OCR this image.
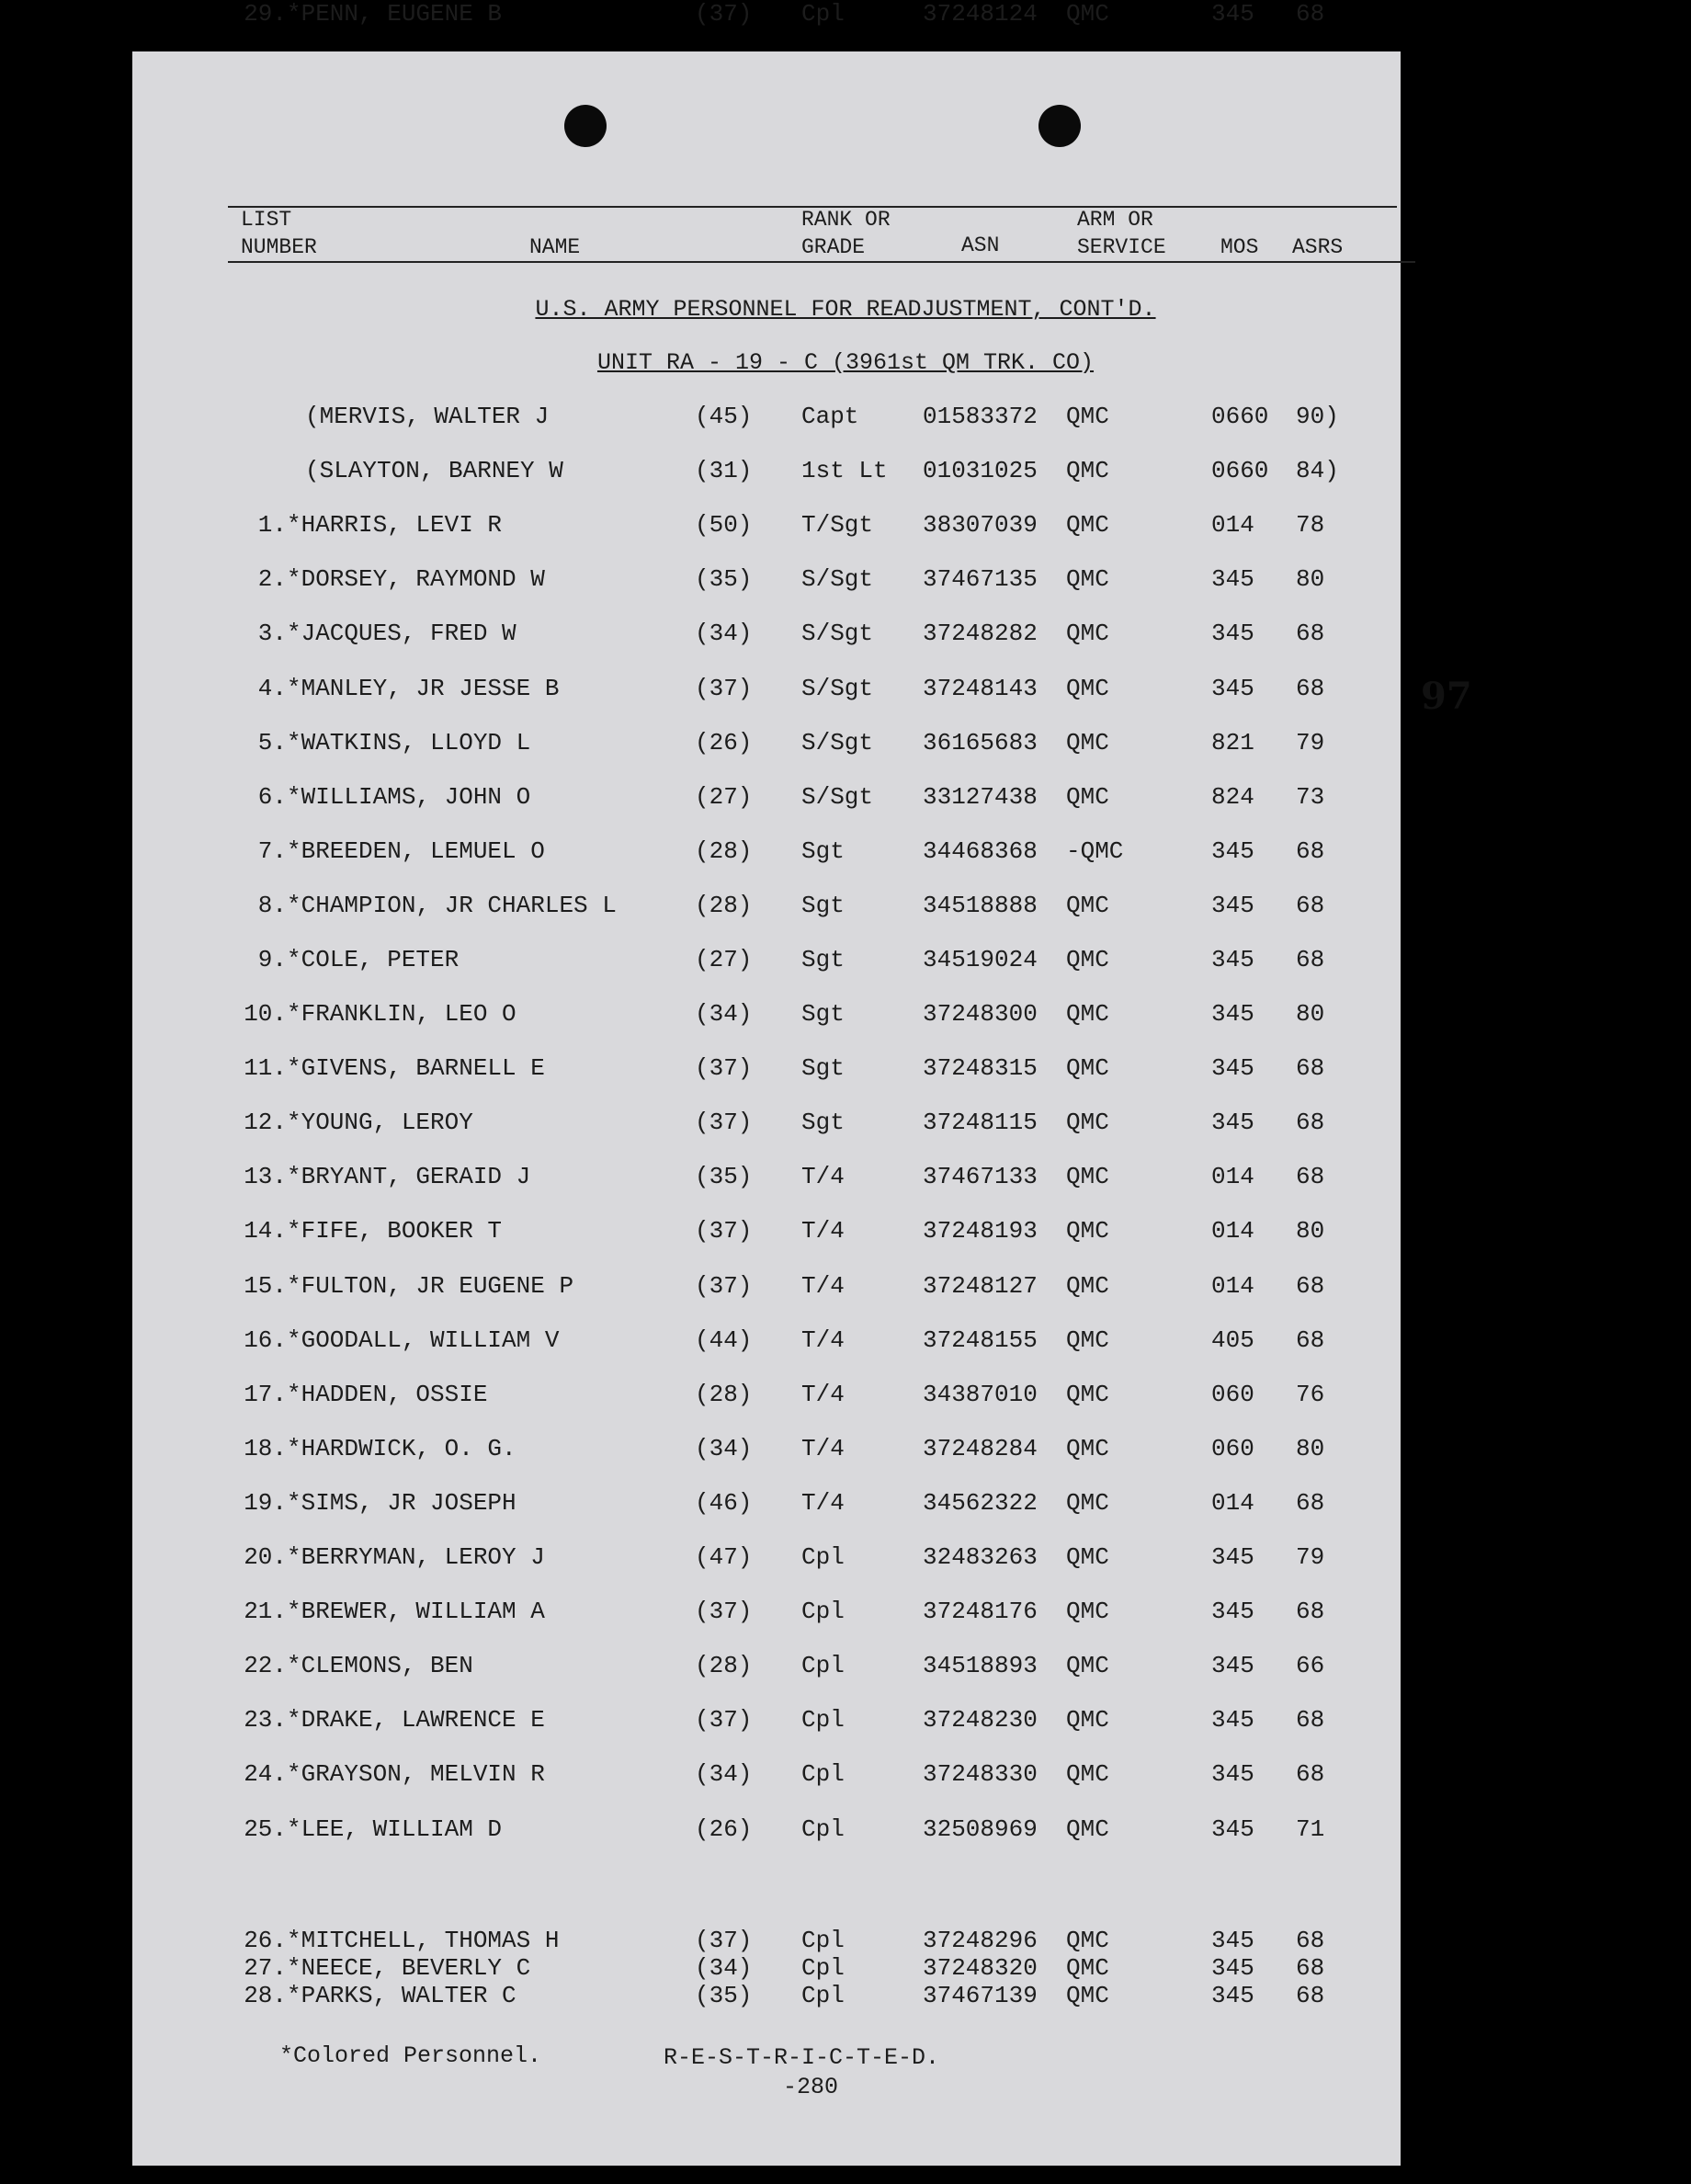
97
LIST
NUMBER	NAME
RANK OR
GRADE	ASN
ARM OR
SERVICE	MOS ASRS
U.S. ARMY PERSONNEL FOR READJUSTMENT, CONT'D.
UNIT RA - 19 - C (3961st QM TRK. CO)
(MERVIS, WALTER J	(45) Capt	01583372 QMC	0660 90)
(SLAYTON, BARNEY W	(31) 1st Lt 01031025 QMC	0660 84)
1. *HARRIS, LEVI R	(50) T/Sgt 38307039 QMC	014 78
2. *DORSEY, RAYMOND W	(35) S/Sgt 37467135 QMC	345 80
3. *JACQUES, FRED W	(34) S/Sgt 37248282 QMC	345 68
4. *MANLEY, JR JESSE B	(37) S/Sgt 37248143 QMC	345 68
5. *WATKINS, LLOYD L	(26) S/Sgt 36165683 QMC	821 79
6. *WILLIAMS, JOHN O	(27) S/Sgt 33127438 QMC	824 73
7. *BREEDEN, LEMUEL O	(28) Sgt	34468368 -QMC	345 68
8. *CHAMPION, JR CHARLES L	(28) Sgt	34518888 QMC	345 68
9. *COLE, PETER	(27) Sgt	34519024 QMC	345 68
10. *FRANKLIN, LEO O	(34) Sgt	37248300 QMC	345 80
11. *GIVENS, BARNELL E	(37) Sgt	37248315 QMC	345 68
12. *YOUNG, LEROY	(37) Sgt	37248115 QMC	345 68
13. *BRYANT, GERAID J	(35) T/4	37467133 QMC	014 68
14. *FIFE, BOOKER T	(37) T/4	37248193 QMC	014 80
15. *FULTON, JR EUGENE P	(37) T/4	37248127 QMC	014 68
16. *GOODALL, WILLIAM V	(44) T/4	37248155 QMC	405 68
17. *HADDEN, OSSIE	(28) T/4	34387010 QMC	060 76
18. *HARDWICK, O. G.	(34) T/4	37248284 QMC	060 80
19. *SIMS, JR JOSEPH	(46) T/4	34562322 QMC	014 68
20. *BERRYMAN, LEROY J	(47) Cpl	32483263 QMC	345 79
21. *BREWER, WILLIAM A	(37) Cpl	37248176 QMC	345 68
22. *CLEMONS, BEN	(28) Cpl	34518893 QMC	345 66
23. *DRAKE, LAWRENCE E	(37) Cpl	37248230 QMC	345 68
24. *GRAYSON, MELVIN R	(34) Cpl	37248330 QMC	345 68
25. *LEE, WILLIAM D	(26) Cpl	32508969 QMC	345 71
26. *MITCHELL, THOMAS H	(37) Cpl	37248296 QMC	345 68
27. *NEECE, BEVERLY C	(34) Cpl	37248320 QMC	345 68
28. *PARKS, WALTER C	(35) Cpl	37467139 QMC	345 68
29. *PENN, EUGENE B	(37) Cpl	37248124 QMC	345 68
*Colored Personnel.	R-E-S-T-R-I-C-T-E-D.
-280
